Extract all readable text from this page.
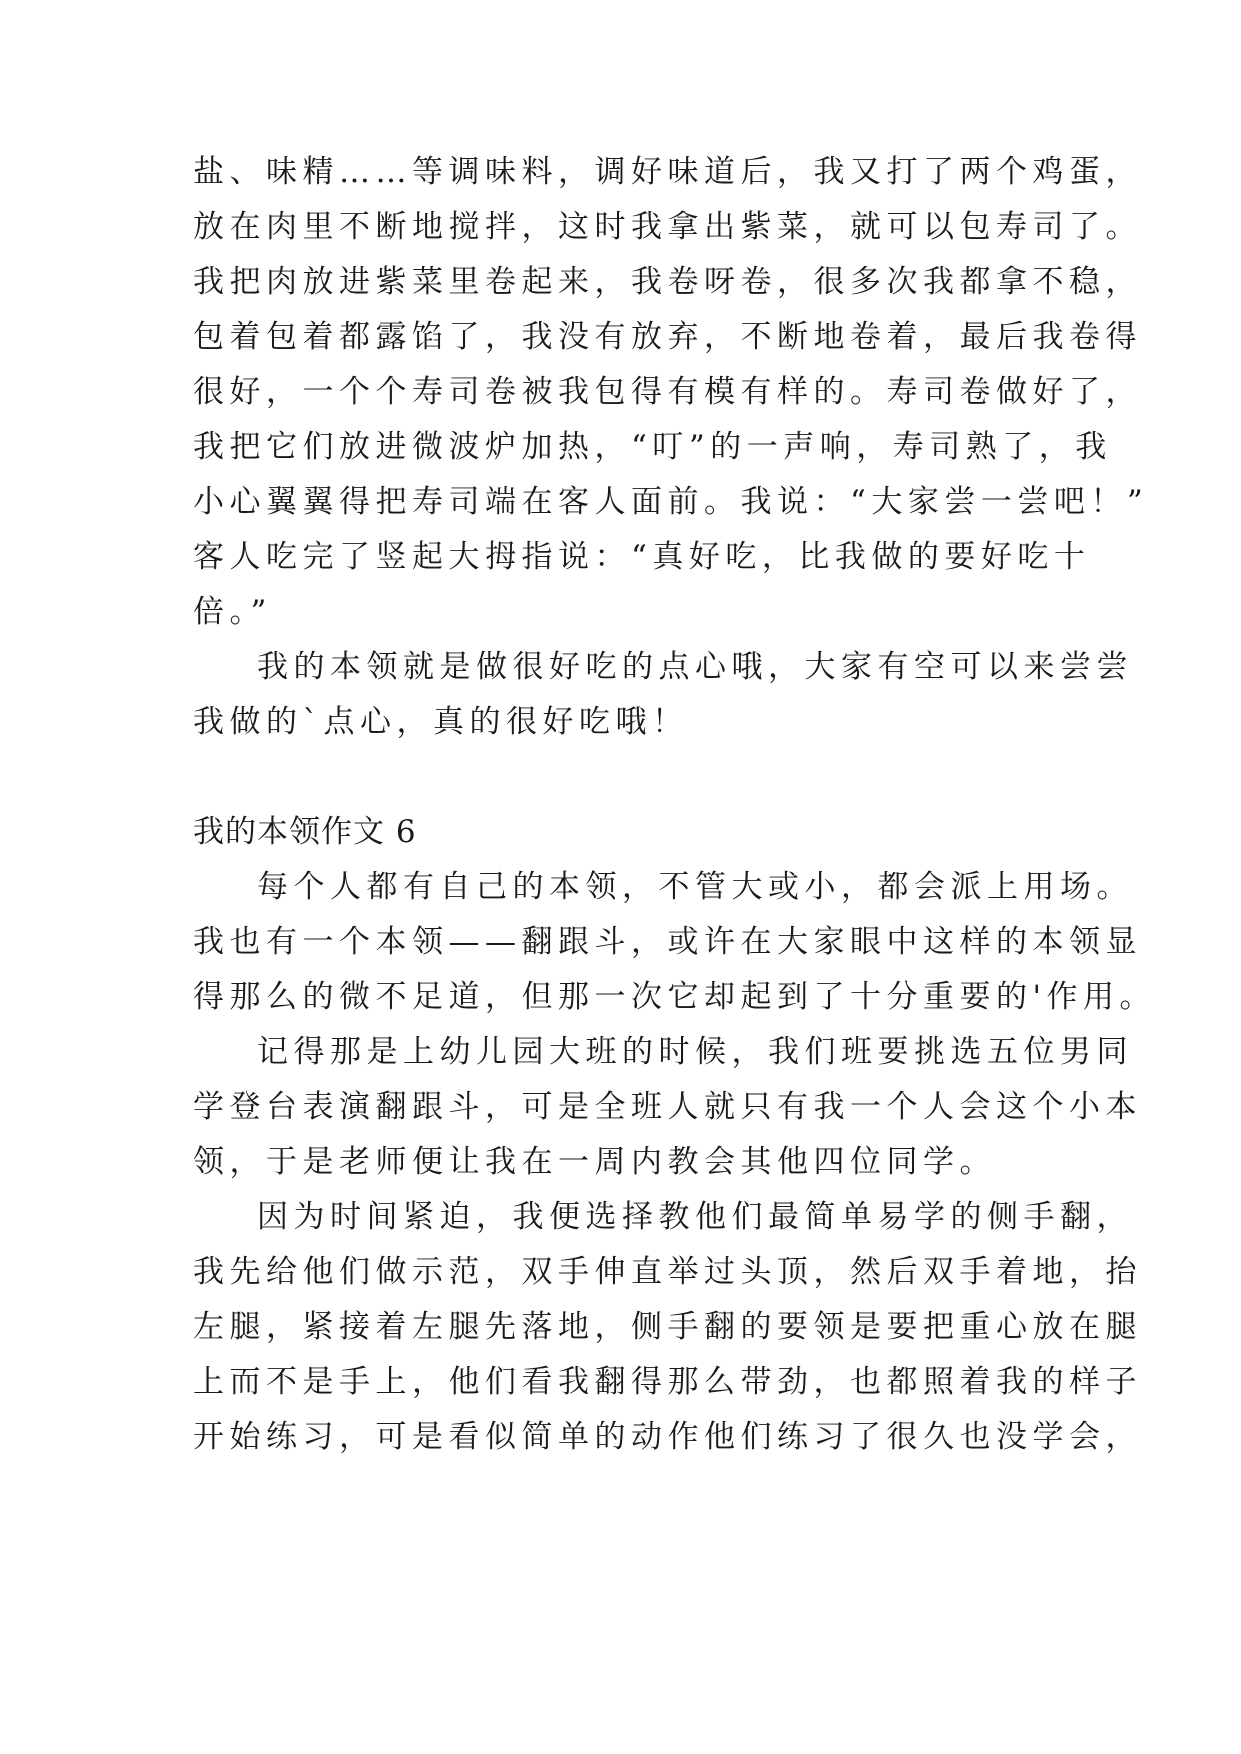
盐、味精……等调味料，调好味道后，我又打了两个鸡蛋，
放在肉里不断地搅拌，这时我拿出紫菜，就可以包寿司了。
我把肉放进紫菜里卷起来，我卷呀卷，很多次我都拿不稳，
包着包着都露馅了，我没有放弃，不断地卷着，最后我卷得
很好，一个个寿司卷被我包得有模有样的。寿司卷做好了，
我把它们放进微波炉加热，“叮”的一声响，寿司熟了，我
小心翼翼得把寿司端在客人面前。我说：“大家尝一尝吧！”
客人吃完了竖起大拇指说：“真好吃，比我做的要好吃十
倍。”
我的本领就是做很好吃的点心哦，大家有空可以来尝尝
我做的`点心，真的很好吃哦！
我的本领作文 6
每个人都有自己的本领，不管大或小，都会派上用场。
我也有一个本领——翻跟斗，或许在大家眼中这样的本领显
得那么的微不足道，但那一次它却起到了十分重要的'作用。
记得那是上幼儿园大班的时候，我们班要挑选五位男同
学登台表演翻跟斗，可是全班人就只有我一个人会这个小本
领，于是老师便让我在一周内教会其他四位同学。
因为时间紧迫，我便选择教他们最简单易学的侧手翻，
我先给他们做示范，双手伸直举过头顶，然后双手着地，抬
左腿，紧接着左腿先落地，侧手翻的要领是要把重心放在腿
上而不是手上，他们看我翻得那么带劲，也都照着我的样子
开始练习，可是看似简单的动作他们练习了很久也没学会，
